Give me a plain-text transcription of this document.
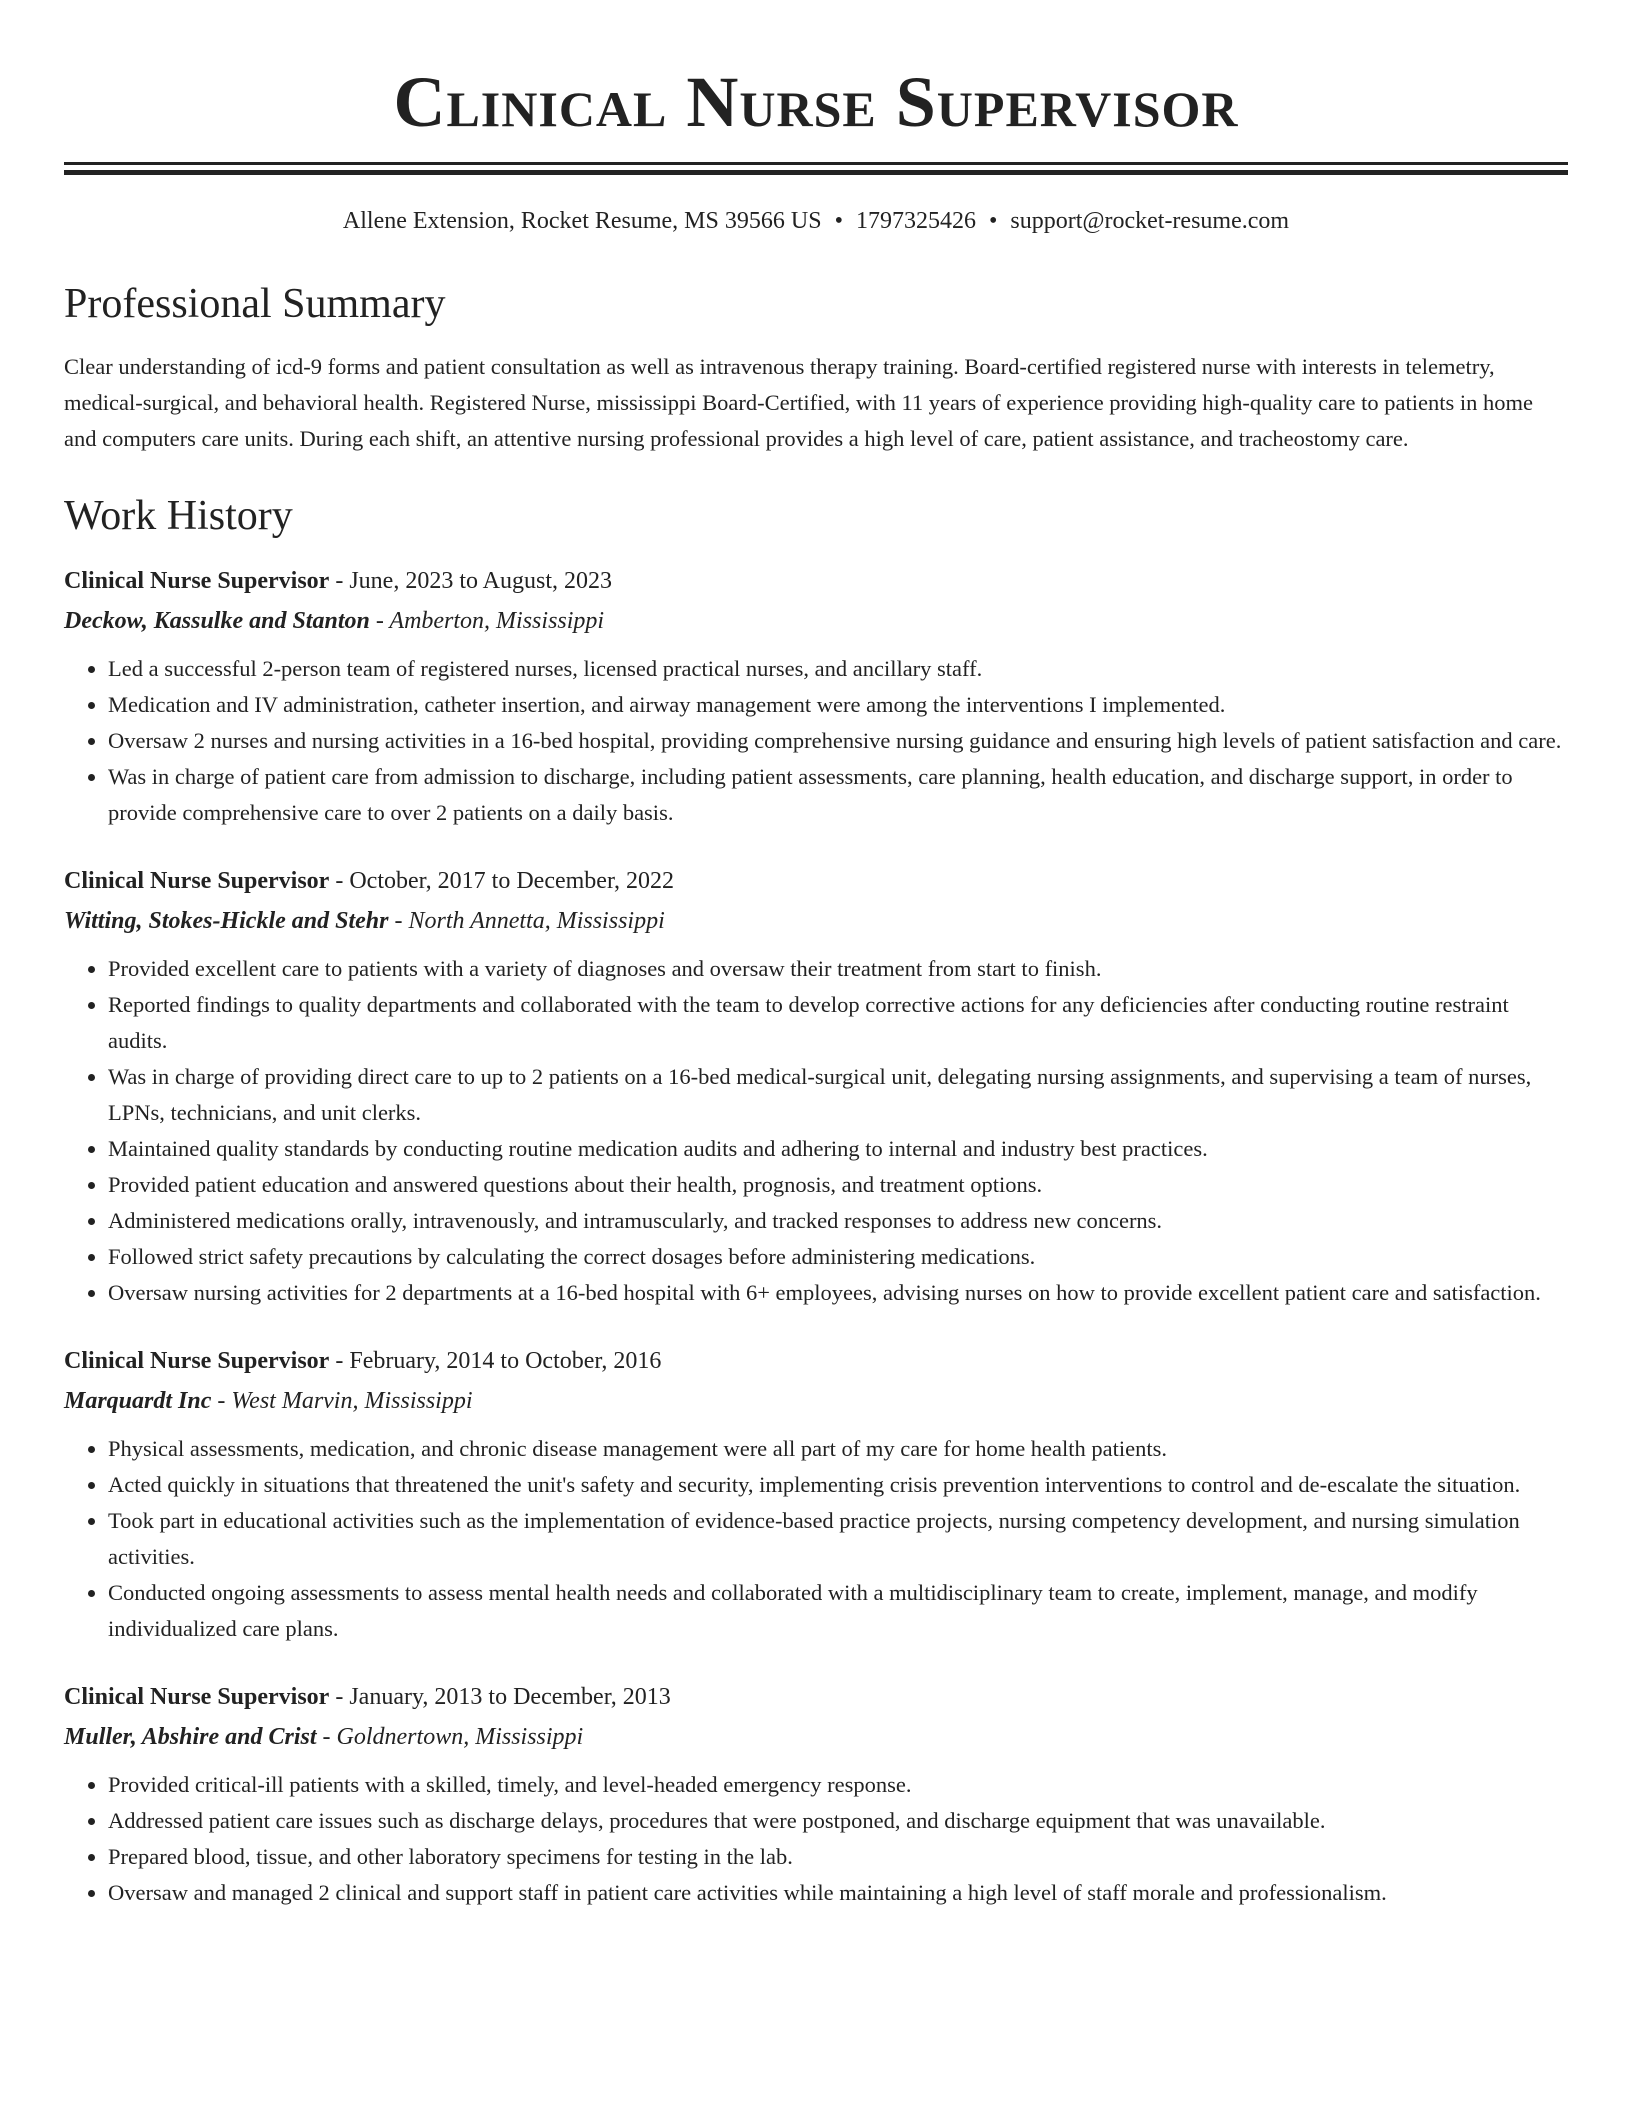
Clinical Nurse Supervisor
Allene Extension, Rocket Resume, MS 39566 US • 1797325426 • support@rocket-resume.com
Professional Summary
Clear understanding of icd-9 forms and patient consultation as well as intravenous therapy training. Board-certified registered nurse with interests in telemetry, medical-surgical, and behavioral health. Registered Nurse, mississippi Board-Certified, with 11 years of experience providing high-quality care to patients in home and computers care units. During each shift, an attentive nursing professional provides a high level of care, patient assistance, and tracheostomy care.
Work History
Clinical Nurse Supervisor - June, 2023 to August, 2023
Deckow, Kassulke and Stanton - Amberton, Mississippi
• Led a successful 2-person team of registered nurses, licensed practical nurses, and ancillary staff.
• Medication and IV administration, catheter insertion, and airway management were among the interventions I implemented.
• Oversaw 2 nurses and nursing activities in a 16-bed hospital, providing comprehensive nursing guidance and ensuring high levels of patient satisfaction and care.
• Was in charge of patient care from admission to discharge, including patient assessments, care planning, health education, and discharge support, in order to provide comprehensive care to over 2 patients on a daily basis.
Clinical Nurse Supervisor - October, 2017 to December, 2022
Witting, Stokes-Hickle and Stehr - North Annetta, Mississippi
• Provided excellent care to patients with a variety of diagnoses and oversaw their treatment from start to finish.
• Reported findings to quality departments and collaborated with the team to develop corrective actions for any deficiencies after conducting routine restraint audits.
• Was in charge of providing direct care to up to 2 patients on a 16-bed medical-surgical unit, delegating nursing assignments, and supervising a team of nurses, LPNs, technicians, and unit clerks.
• Maintained quality standards by conducting routine medication audits and adhering to internal and industry best practices.
• Provided patient education and answered questions about their health, prognosis, and treatment options.
• Administered medications orally, intravenously, and intramuscularly, and tracked responses to address new concerns.
• Followed strict safety precautions by calculating the correct dosages before administering medications.
• Oversaw nursing activities for 2 departments at a 16-bed hospital with 6+ employees, advising nurses on how to provide excellent patient care and satisfaction.
Clinical Nurse Supervisor - February, 2014 to October, 2016
Marquardt Inc - West Marvin, Mississippi
• Physical assessments, medication, and chronic disease management were all part of my care for home health patients.
• Acted quickly in situations that threatened the unit's safety and security, implementing crisis prevention interventions to control and de-escalate the situation.
• Took part in educational activities such as the implementation of evidence-based practice projects, nursing competency development, and nursing simulation activities.
• Conducted ongoing assessments to assess mental health needs and collaborated with a multidisciplinary team to create, implement, manage, and modify individualized care plans.
Clinical Nurse Supervisor - January, 2013 to December, 2013
Muller, Abshire and Crist - Goldnertown, Mississippi
• Provided critical-ill patients with a skilled, timely, and level-headed emergency response.
• Addressed patient care issues such as discharge delays, procedures that were postponed, and discharge equipment that was unavailable.
• Prepared blood, tissue, and other laboratory specimens for testing in the lab.
• Oversaw and managed 2 clinical and support staff in patient care activities while maintaining a high level of staff morale and professionalism.
